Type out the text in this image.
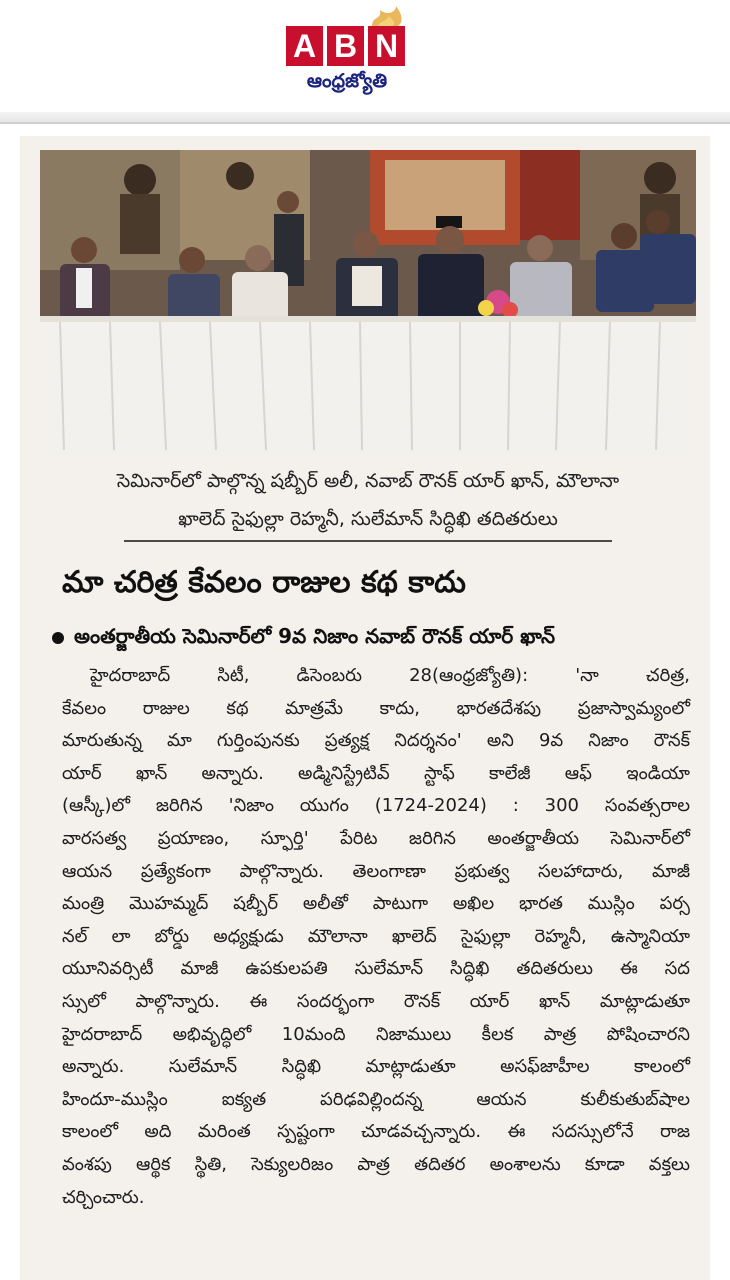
A B N
ఆంధ్రజ్యోతి
సెమినార్‌లో పాల్గొన్న షబ్బీర్ అలీ, నవాబ్ రౌనక్ యార్ ఖాన్, మౌలానా
ఖాలెద్ సైఫుల్లా రెహ్మనీ, సులేమాన్ సిద్ధిఖి తదితరులు
మా చరిత్ర కేవలం రాజుల కథ కాదు
అంతర్జాతీయ సెమినార్‌లో 9వ నిజాం నవాబ్ రౌనక్ యార్ ఖాన్
హైదరాబాద్ సిటీ, డిసెంబరు 28(ఆంధ్రజ్యోతి): 'నా చరిత్ర,
కేవలం రాజుల కథ మాత్రమే కాదు, భారతదేశపు ప్రజాస్వామ్యంలో
మారుతున్న మా గుర్తింపునకు ప్రత్యక్ష నిదర్శనం' అని 9వ నిజాం రౌనక్
యార్ ఖాన్ అన్నారు. అడ్మినిస్ట్రేటివ్ స్టాఫ్ కాలేజీ ఆఫ్ ఇండియా
(ఆస్కీ)లో జరిగిన 'నిజాం యుగం (1724-2024) : 300 సంవత్సరాల
వారసత్వ ప్రయాణం, స్ఫూర్తి' పేరిట జరిగిన అంతర్జాతీయ సెమినార్‌లో
ఆయన ప్రత్యేకంగా పాల్గొన్నారు. తెలంగాణా ప్రభుత్వ సలహాదారు, మాజీ
మంత్రి మొహమ్మద్ షబ్బీర్ అలీతో పాటుగా అఖిల భారత ముస్లిం పర్స
నల్ లా బోర్డు అధ్యక్షుడు మౌలానా ఖాలెద్ సైఫుల్లా రెహ్మనీ, ఉస్మానియా
యూనివర్సిటీ మాజీ ఉపకులపతి సులేమాన్ సిద్ధిఖి తదితరులు ఈ సద
స్సులో పాల్గొన్నారు. ఈ సందర్భంగా రౌనక్ యార్ ఖాన్ మాట్లాడుతూ
హైదరాబాద్ అభివృద్ధిలో 10మంది నిజాములు కీలక పాత్ర పోషించారని
అన్నారు. సులేమాన్ సిద్ధిఖి మాట్లాడుతూ అసఫ్‌జాహీల కాలంలో
హిందూ-ముస్లిం ఐక్యత పరిఢవిల్లిందన్న ఆయన కులీకుతుబ్‌షాల
కాలంలో అది మరింత స్పష్టంగా చూడవచ్చన్నారు. ఈ సదస్సులోనే రాజ
వంశపు ఆర్థిక స్థితి, సెక్యులరిజం పాత్ర తదితర అంశాలను కూడా వక్తలు
చర్చించారు.
